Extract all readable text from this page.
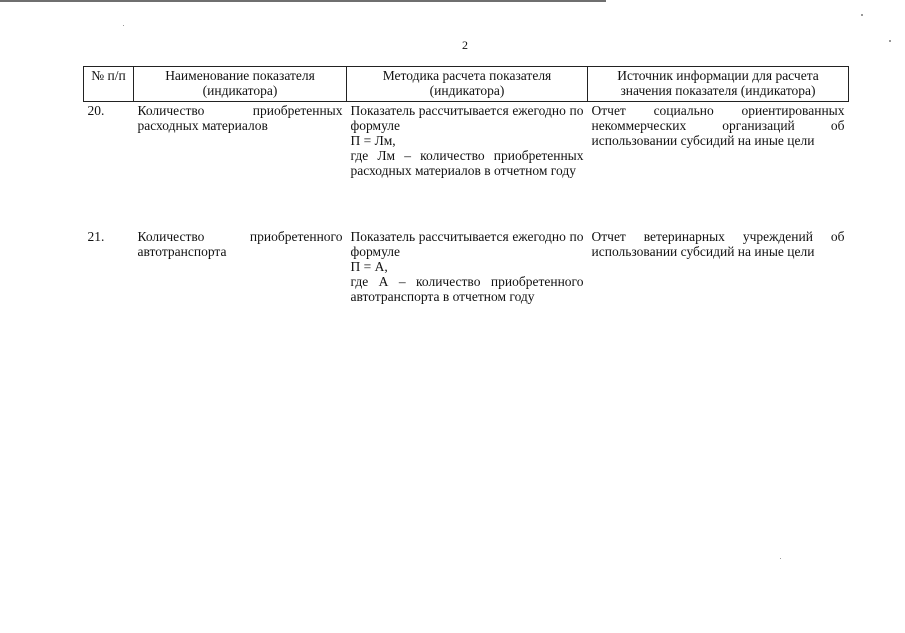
2
№ п/п	Наименование показателя (индикатора)	Методика расчета показателя (индикатора)	Источник информации для расчета значения показателя (индикатора)
20.	Количество приобретенных расходных материалов	Показатель рассчитывается ежегодно по формуле
П = Лм,
где Лм – количество приобретенных расходных материалов в отчетном году	Отчет социально ориентированных некоммерческих организаций об использовании субсидий на иные цели
21.	Количество приобретенного автотранспорта	Показатель рассчитывается ежегодно по формуле
П = А,
где А – количество приобретенного автотранспорта в отчетном году	Отчет ветеринарных учреждений об использовании субсидий на иные цели
